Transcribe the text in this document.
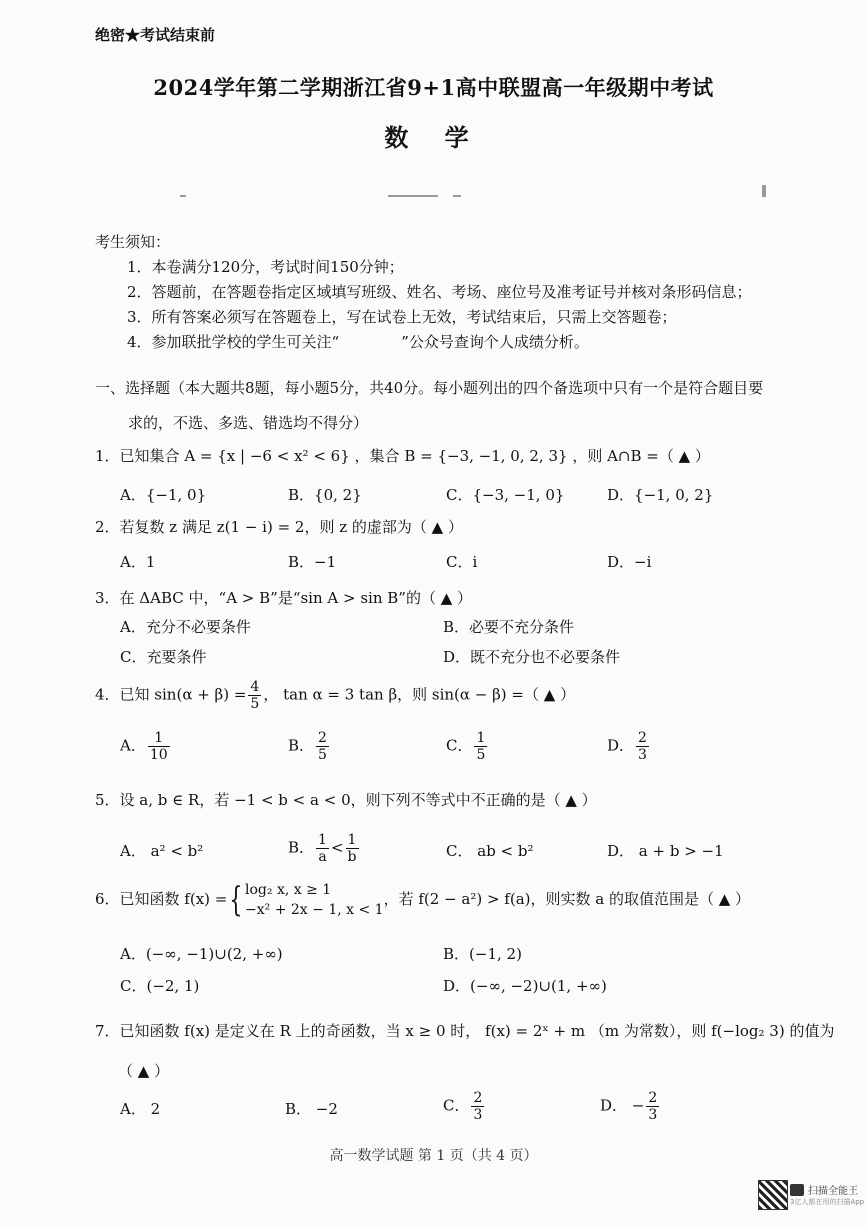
绝密★考试结束前
2024学年第二学期浙江省9+1高中联盟高一年级期中考试
数 学
考生须知：
1．本卷满分120分，考试时间150分钟；
2．答题前，在答题卷指定区域填写班级、姓名、考场、座位号及准考证号并核对条形码信息；
3．所有答案必须写在答题卷上，写在试卷上无效，考试结束后，只需上交答题卷；
4．参加联批学校的学生可关注“	”公众号查询个人成绩分析。
一、选择题（本大题共8题，每小题5分，共40分。每小题列出的四个备选项中只有一个是符合题目要
求的，不选、多选、错选均不得分）
1．已知集合 A = {x | −6 < x² < 6} ，集合 B = {−3, −1, 0, 2, 3} ，则 A∩B =（ ▲ ）
A．{−1, 0}	B．{0, 2}	C．{−3, −1, 0}	D．{−1, 0, 2}
2．若复数 z 满足 z(1 − i) = 2，则 z 的虚部为（ ▲ ）
A．1	B．−1	C．i	D．−i
3．在 ΔABC 中，“A > B”是“sin A > sin B”的（ ▲ ）
A．充分不必要条件	B．必要不充分条件
C．充要条件	D．既不充分也不必要条件
4．已知 $\sin(\alpha + \beta) = \frac{4}{5}$ ， tan α = 3 tan β，则 sin(α − β) =（ ▲ ）
A． $\frac{1}{10}$	B． $\frac{2}{5}$	C． $\frac{1}{5}$	D． $\frac{2}{3}$
5．设 a, b ∈ R，若 −1 < b < a < 0，则下列不等式中不正确的是（ ▲ ）
A． a² < b²	B． $\frac{1}{a} < \frac{1}{b}$	C． ab < b²	D． a + b > −1
6．已知函数 f(x) ={ log₂ x, x ≥ 1
−x² + 2x − 1, x < 1
，若 f(2 − a²) > f(a)，则实数 a 的取值范围是（ ▲ ）
A．(−∞, −1)∪(2, +∞)	B．(−1, 2)
C．(−2, 1)	D．(−∞, −2)∪(1, +∞)
7．已知函数 f(x) 是定义在 R 上的奇函数，当 x ≥ 0 时， f(x) = 2ˣ + m （m 为常数），则 f(−log₂ 3) 的值为
（ ▲ ）
A． 2	B． −2	C． $\frac{2}{3}$	D． − $\frac{2}{3}$
高一数学试题 第 1 页（共 4 页）
扫描全能王
3亿人都在用的扫描App
